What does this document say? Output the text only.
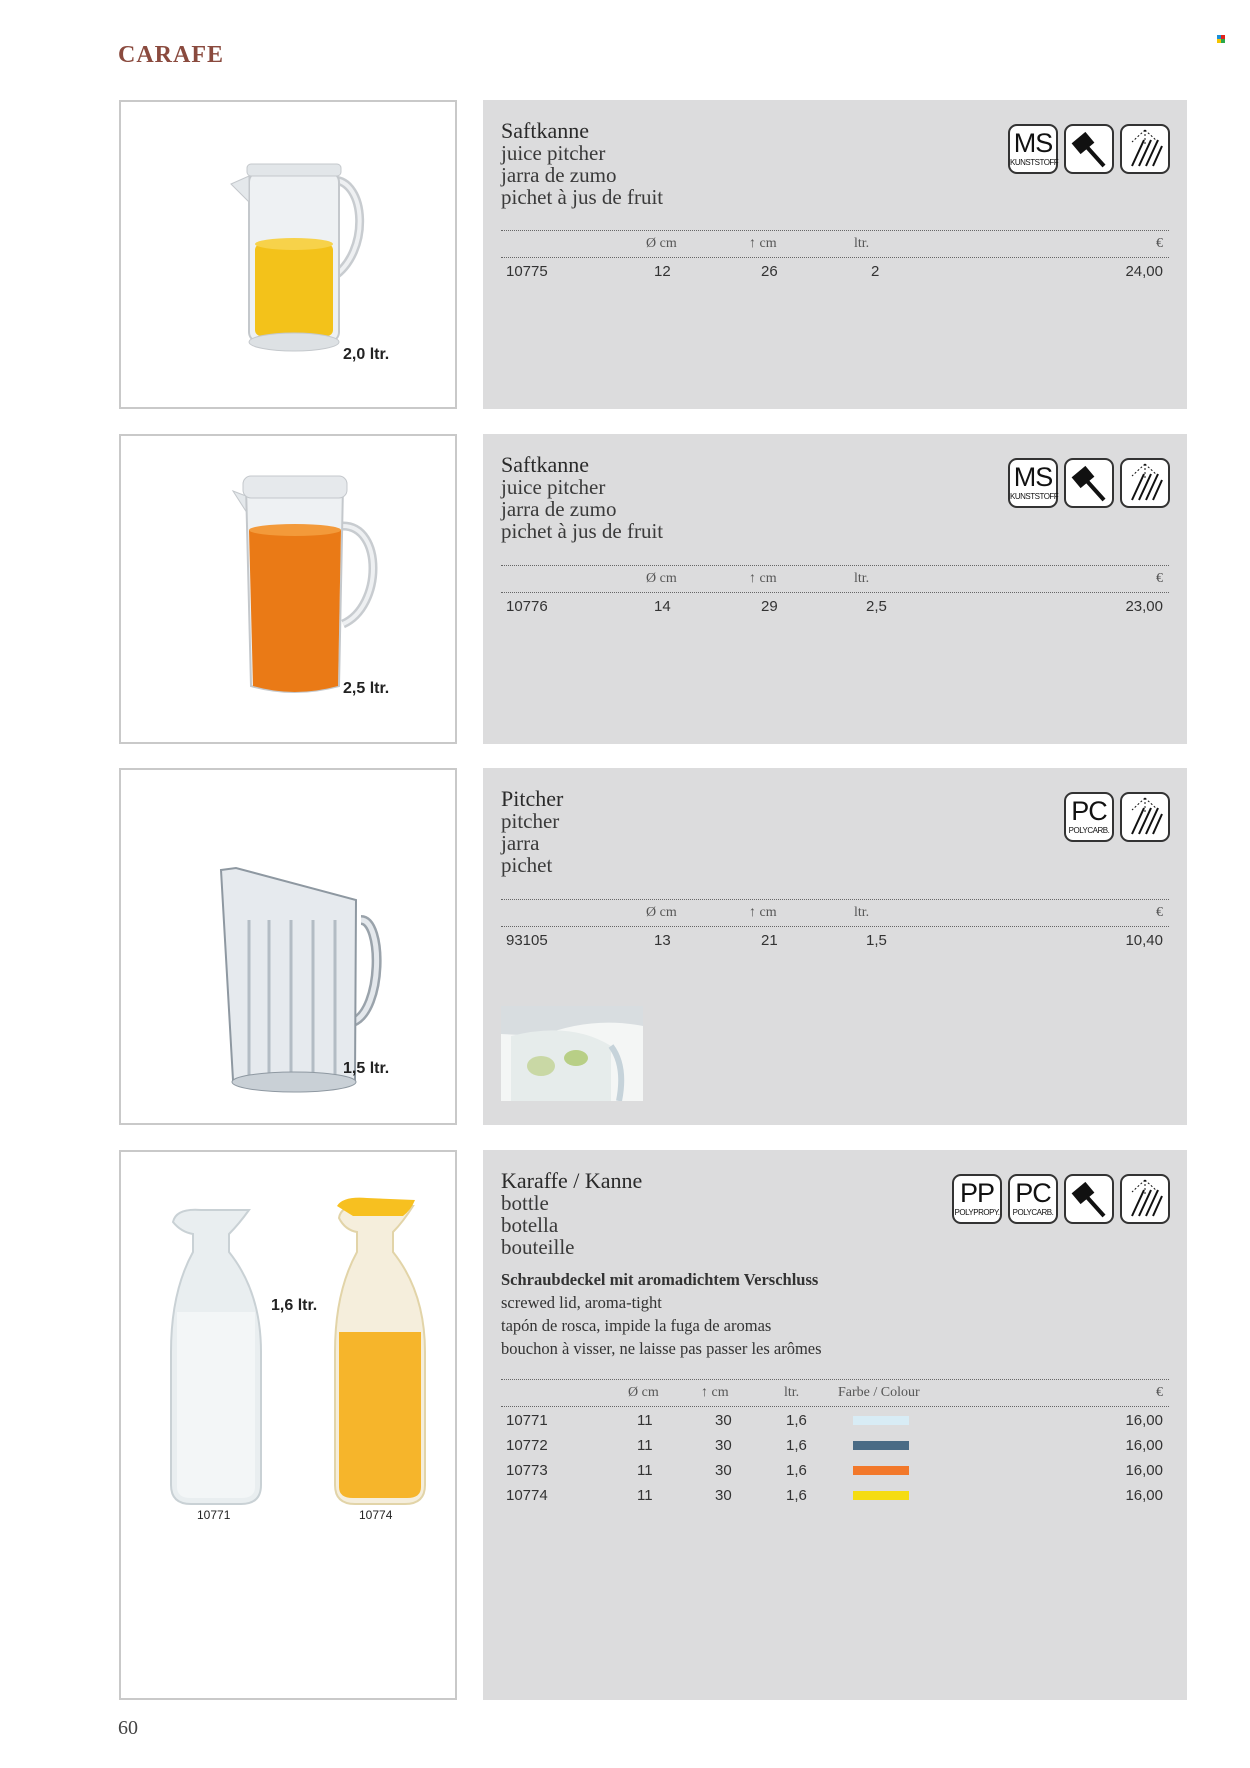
CARAFE
2,0 ltr.
Saftkanne
juice pitcher
jarra de zumo
pichet à jus de fruit
MS
KUNSTSTOFF
Ø cm	↑ cm	ltr.	€
10775	12	26	2	24,00
2,5 ltr.
Saftkanne
juice pitcher
jarra de zumo
pichet à jus de fruit
MS
KUNSTSTOFF
Ø cm	↑ cm	ltr.	€
10776	14	29	2,5	23,00
1,5 ltr.
Pitcher
pitcher
jarra
pichet
PC
POLYCARB.
Ø cm	↑ cm	ltr.	€
93105	13	21	1,5	10,40
1,6 ltr.
10771	10774
Karaffe / Kanne
bottle
botella
bouteille
Schraubdeckel mit aromadichtem Verschluss
screwed lid, aroma-tight
tapón de rosca, impide la fuga de aromas
bouchon à visser, ne laisse pas passer les arômes
PP
POLYPROPY.
PC
POLYCARB.
Ø cm	↑ cm	ltr.	Farbe / Colour	€
10771	11	30	1,6	16,00
10772	11	30	1,6	16,00
10773	11	30	1,6	16,00
10774	11	30	1,6	16,00
60
